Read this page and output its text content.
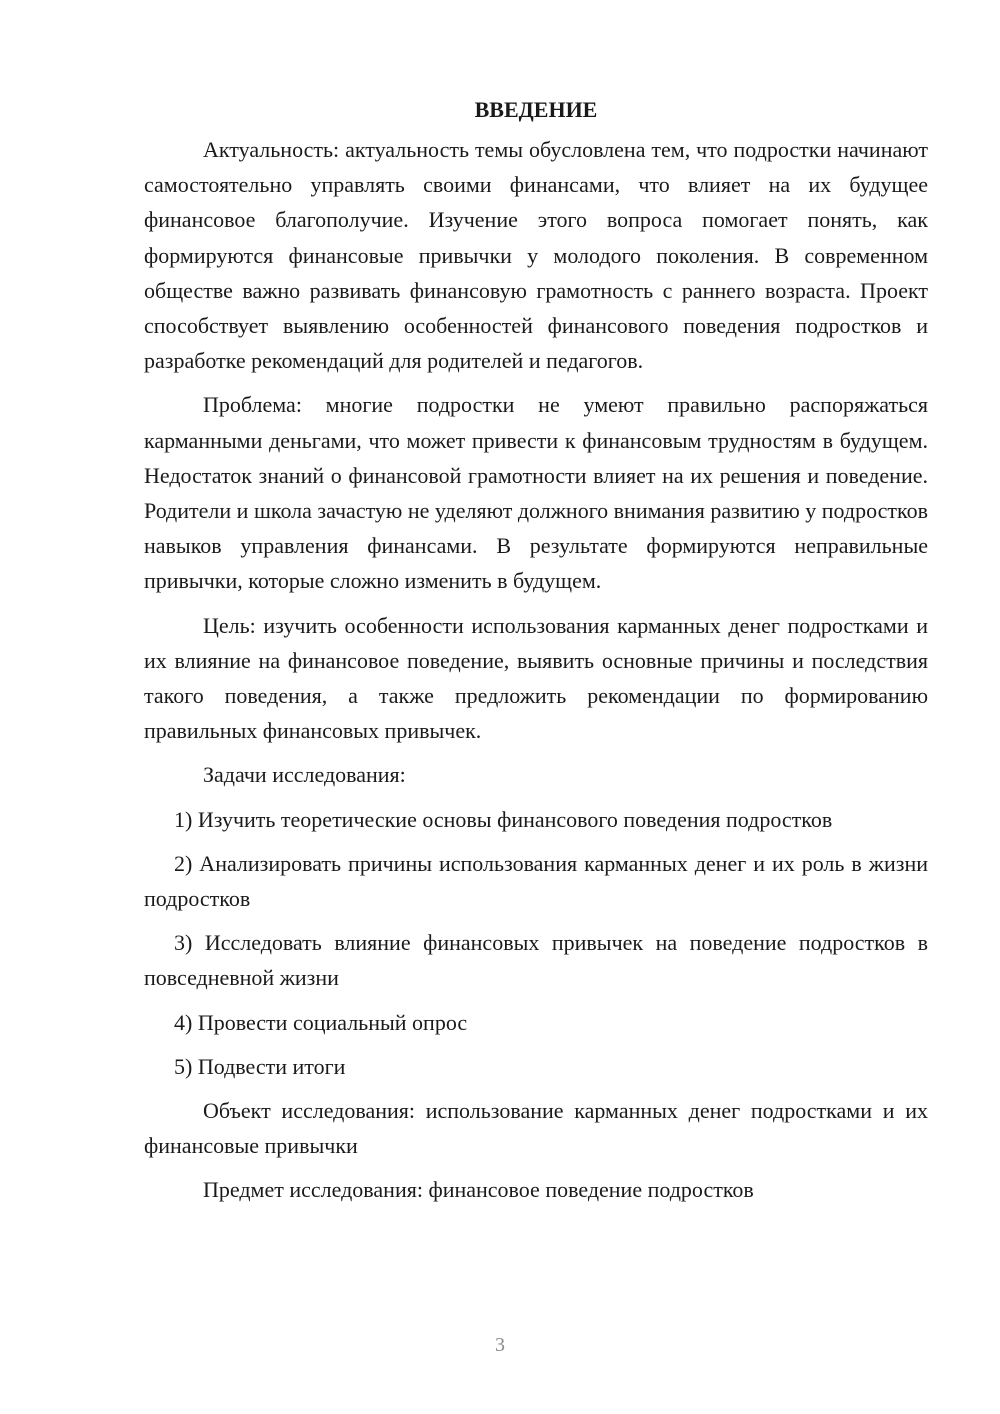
ВВЕДЕНИЕ

Актуальность: актуальность темы обусловлена тем, что подростки начинают самостоятельно управлять своими финансами, что влияет на их будущее финансовое благополучие. Изучение этого вопроса помогает понять, как формируются финансовые привычки у молодого поколения. В современном обществе важно развивать финансовую грамотность с раннего возраста. Проект способствует выявлению особенностей финансового поведения подростков и разработке рекомендаций для родителей и педагогов.

Проблема: многие подростки не умеют правильно распоряжаться карманными деньгами, что может привести к финансовым трудностям в будущем. Недостаток знаний о финансовой грамотности влияет на их решения и поведение. Родители и школа зачастую не уделяют должного внимания развитию у подростков навыков управления финансами. В результате формируются неправильные привычки, которые сложно изменить в будущем.

Цель: изучить особенности использования карманных денег подростками и их влияние на финансовое поведение, выявить основные причины и последствия такого поведения, а также предложить рекомендации по формированию правильных финансовых привычек.

Задачи исследования:

1) Изучить теоретические основы финансового поведения подростков

2) Анализировать причины использования карманных денег и их роль в жизни подростков

3) Исследовать влияние финансовых привычек на поведение подростков в повседневной жизни

4) Провести социальный опрос

5) Подвести итоги

Объект исследования: использование карманных денег подростками и их финансовые привычки

Предмет исследования: финансовое поведение подростков

3
